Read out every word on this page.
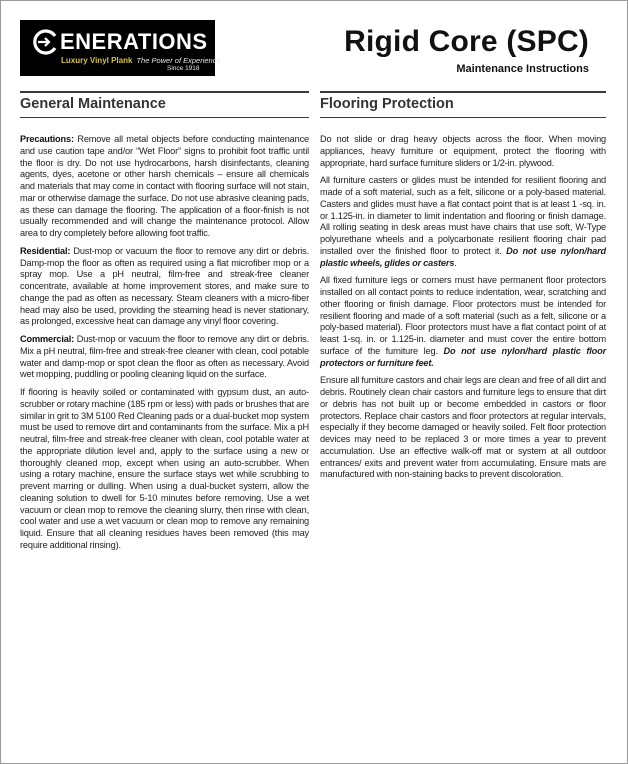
ENERATIONS
Luxury Vinyl Plank The Power of Experience
Since 1918
Rigid Core (SPC)
Maintenance Instructions
General Maintenance

Precautions: Remove all metal objects before conducting maintenance and use caution tape and/or “Wet Floor” signs to prohibit foot traffic until the floor is dry. Do not use hydrocarbons, harsh disinfectants, cleaning agents, dyes, acetone or other harsh chemicals – ensure all chemicals and materials that may come in contact with flooring surface will not stain, mar or otherwise damage the surface. Do not use abrasive cleaning pads, as these can damage the flooring. The application of a floor-finish is not usually recommended and will change the maintenance protocol. Allow area to dry completely before allowing foot traffic.

Residential: Dust-mop or vacuum the floor to remove any dirt or debris. Damp-mop the floor as often as required using a flat microfiber mop or a spray mop. Use a pH neutral, film-free and streak-free cleaner concentrate, available at home improvement stores, and make sure to change the pad as often as necessary. Steam cleaners with a micro-fiber head may also be used, providing the steaming head is never stationary, as prolonged, excessive heat can damage any vinyl floor covering.

Commercial: Dust-mop or vacuum the floor to remove any dirt or debris. Mix a pH neutral, film-free and streak-free cleaner with clean, cool potable water and damp-mop or spot clean the floor as often as necessary. Avoid wet mopping, puddling or pooling cleaning liquid on the surface.

If flooring is heavily soiled or contaminated with gypsum dust, an auto-scrubber or rotary machine (185 rpm or less) with pads or brushes that are similar in grit to 3M 5100 Red Cleaning pads or a dual-bucket mop system must be used to remove dirt and contaminants from the surface. Mix a pH neutral, film-free and streak-free cleaner with clean, cool potable water at the appropriate dilution level and, apply to the surface using a new or thoroughly cleaned mop, except when using an auto-scrubber. When using a rotary machine, ensure the surface stays wet while scrubbing to prevent marring or dulling. When using a dual-bucket system, allow the cleaning solution to dwell for 5-10 minutes before removing. Use a wet vacuum or clean mop to remove the cleaning slurry, then rinse with clean, cool water and use a wet vacuum or clean mop to remove any remaining liquid. Ensure that all cleaning residues haves been removed (this may require additional rinsing).

Flooring Protection

Do not slide or drag heavy objects across the floor. When moving appliances, heavy furniture or equipment, protect the flooring with appropriate, hard surface furniture sliders or 1/2-in. plywood.

All furniture casters or glides must be intended for resilient flooring and made of a soft material, such as a felt, silicone or a poly-based material. Casters and glides must have a flat contact point that is at least 1 -sq. in. or 1.125-in. in diameter to limit indentation and flooring or finish damage. All rolling seating in desk areas must have chairs that use soft, W-Type polyurethane wheels and a polycarbonate resilient flooring chair pad installed over the finished floor to protect it. Do not use nylon/hard plastic wheels, glides or casters.

All fixed furniture legs or corners must have permanent floor protectors installed on all contact points to reduce indentation, wear, scratching and other flooring or finish damage. Floor protectors must be intended for resilient flooring and made of a soft material (such as a felt, silicone or a poly-based material). Floor protectors must have a flat contact point of at least 1-sq. in. or 1.125-in. diameter and must cover the entire bottom surface of the furniture leg. Do not use nylon/hard plastic floor protectors or furniture feet.

Ensure all furniture castors and chair legs are clean and free of all dirt and debris. Routinely clean chair castors and furniture legs to ensure that dirt or debris has not built up or become embedded in castors or floor protectors. Replace chair castors and floor protectors at regular intervals, especially if they become damaged or heavily soiled. Felt floor protection devices may need to be replaced 3 or more times a year to prevent accumulation. Use an effective walk-off mat or system at all outdoor entrances/ exits and prevent water from accumulating. Ensure mats are manufactured with non-staining backs to prevent discoloration.
